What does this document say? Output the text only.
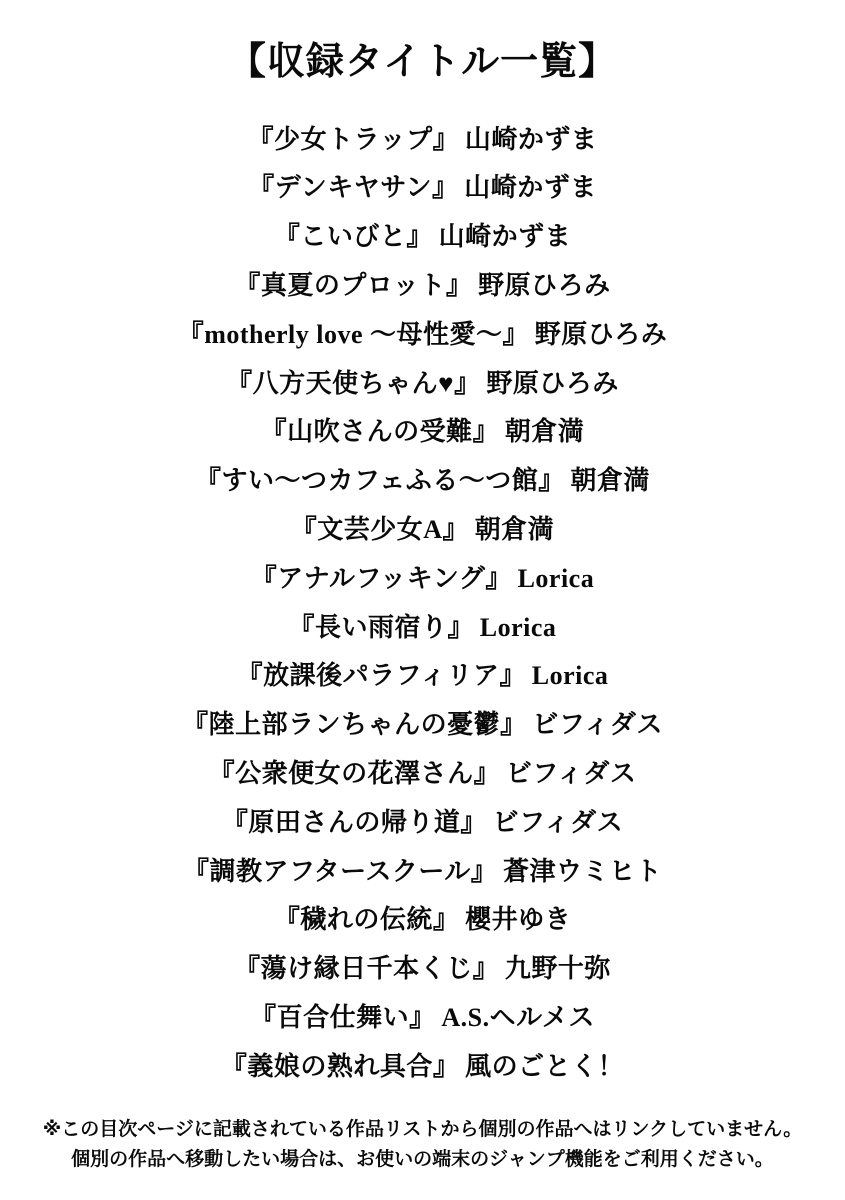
【収録タイトル一覧】
『少女トラップ』 山崎かずま
『デンキヤサン』 山崎かずま
『こいびと』 山崎かずま
『真夏のプロット』 野原ひろみ
『motherly love ～母性愛～』 野原ひろみ
『八方天使ちゃん♥』 野原ひろみ
『山吹さんの受難』 朝倉満
『すい～つカフェふる～つ館』 朝倉満
『文芸少女A』 朝倉満
『アナルフッキング』 Lorica
『長い雨宿り』 Lorica
『放課後パラフィリア』 Lorica
『陸上部ランちゃんの憂鬱』 ビフィダス
『公衆便女の花澤さん』 ビフィダス
『原田さんの帰り道』 ビフィダス
『調教アフタースクール』 蒼津ウミヒト
『穢れの伝統』 櫻井ゆき
『蕩け縁日千本くじ』 九野十弥
『百合仕舞い』 A.S.ヘルメス
『義娘の熟れ具合』 風のごとく！
※この目次ページに記載されている作品リストから個別の作品へはリンクしていません。
個別の作品へ移動したい場合は、お使いの端末のジャンプ機能をご利用ください。
